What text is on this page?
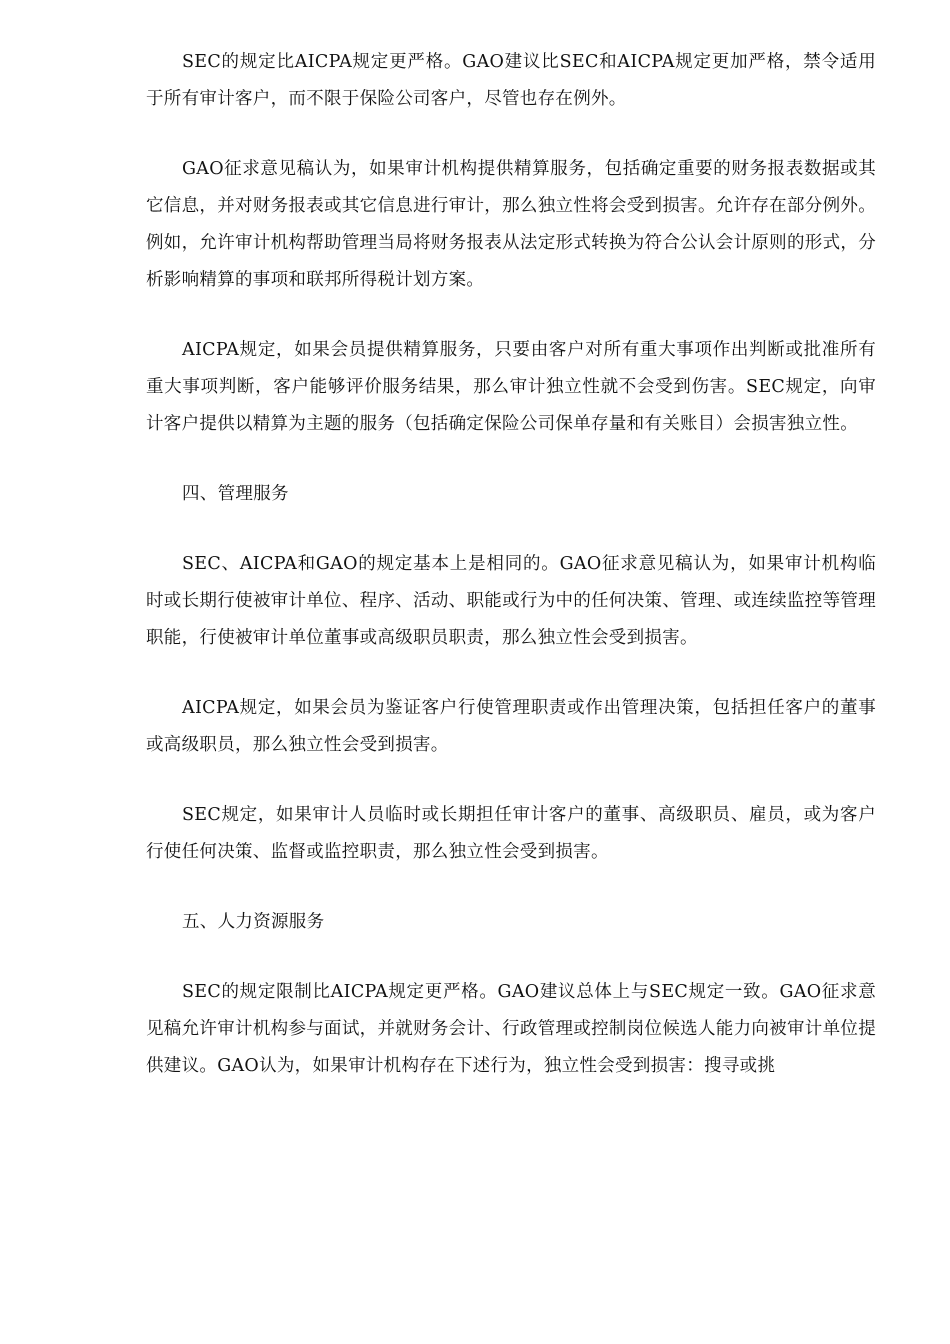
SEC的规定比AICPA规定更严格。GAO建议比SEC和AICPA规定更加严格，禁令适用于所有审计客户，而不限于保险公司客户，尽管也存在例外。

GAO征求意见稿认为，如果审计机构提供精算服务，包括确定重要的财务报表数据或其它信息，并对财务报表或其它信息进行审计，那么独立性将会受到损害。允许存在部分例外。例如，允许审计机构帮助管理当局将财务报表从法定形式转换为符合公认会计原则的形式，分析影响精算的事项和联邦所得税计划方案。

AICPA规定，如果会员提供精算服务，只要由客户对所有重大事项作出判断或批准所有重大事项判断，客户能够评价服务结果，那么审计独立性就不会受到伤害。SEC规定，向审计客户提供以精算为主题的服务（包括确定保险公司保单存量和有关账目）会损害独立性。

四、管理服务

SEC、AICPA和GAO的规定基本上是相同的。GAO征求意见稿认为，如果审计机构临时或长期行使被审计单位、程序、活动、职能或行为中的任何决策、管理、或连续监控等管理职能，行使被审计单位董事或高级职员职责，那么独立性会受到损害。

AICPA规定，如果会员为鉴证客户行使管理职责或作出管理决策，包括担任客户的董事或高级职员，那么独立性会受到损害。

SEC规定，如果审计人员临时或长期担任审计客户的董事、高级职员、雇员，或为客户行使任何决策、监督或监控职责，那么独立性会受到损害。

五、人力资源服务

SEC的规定限制比AICPA规定更严格。GAO建议总体上与SEC规定一致。GAO征求意见稿允许审计机构参与面试，并就财务会计、行政管理或控制岗位候选人能力向被审计单位提供建议。GAO认为，如果审计机构存在下述行为，独立性会受到损害：搜寻或挑
